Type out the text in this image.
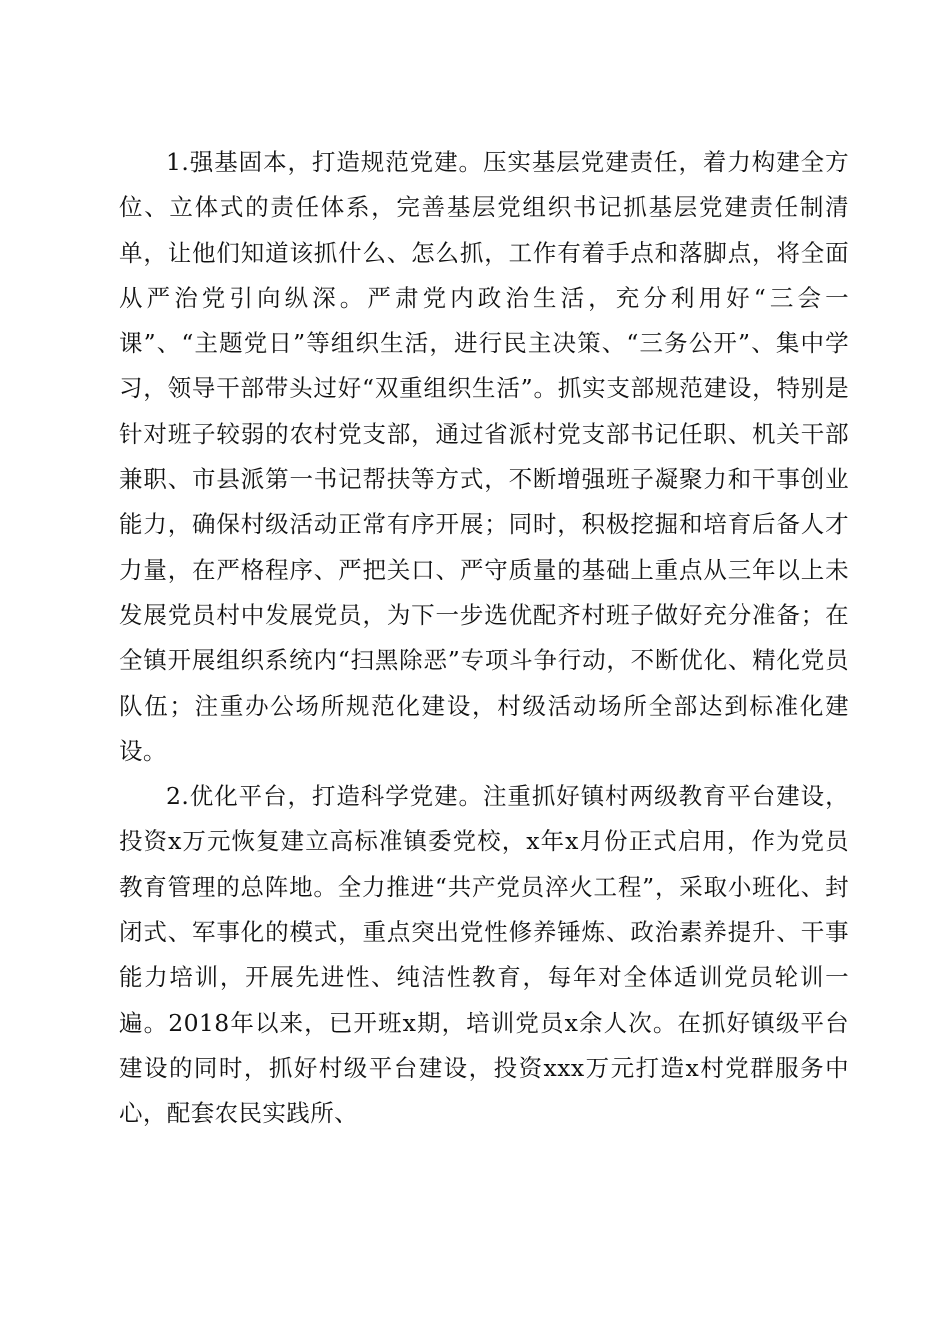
1.强基固本，打造规范党建。压实基层党建责任，着力构建全方位、立体式的责任体系，完善基层党组织书记抓基层党建责任制清单，让他们知道该抓什么、怎么抓，工作有着手点和落脚点，将全面从严治党引向纵深。严肃党内政治生活，充分利用好“三会一课”、“主题党日”等组织生活，进行民主决策、“三务公开”、集中学习，领导干部带头过好“双重组织生活”。抓实支部规范建设，特别是针对班子较弱的农村党支部，通过省派村党支部书记任职、机关干部兼职、市县派第一书记帮扶等方式，不断增强班子凝聚力和干事创业能力，确保村级活动正常有序开展；同时，积极挖掘和培育后备人才力量，在严格程序、严把关口、严守质量的基础上重点从三年以上未发展党员村中发展党员，为下一步选优配齐村班子做好充分准备；在全镇开展组织系统内“扫黑除恶”专项斗争行动，不断优化、精化党员队伍；注重办公场所规范化建设，村级活动场所全部达到标准化建设。

2.优化平台，打造科学党建。注重抓好镇村两级教育平台建设，投资x万元恢复建立高标准镇委党校，x年x月份正式启用，作为党员教育管理的总阵地。全力推进“共产党员淬火工程”，采取小班化、封闭式、军事化的模式，重点突出党性修养锤炼、政治素养提升、干事能力培训，开展先进性、纯洁性教育，每年对全体适训党员轮训一遍。2018年以来，已开班x期，培训党员x余人次。在抓好镇级平台建设的同时，抓好村级平台建设，投资xxx万元打造x村党群服务中心，配套农民实践所、
